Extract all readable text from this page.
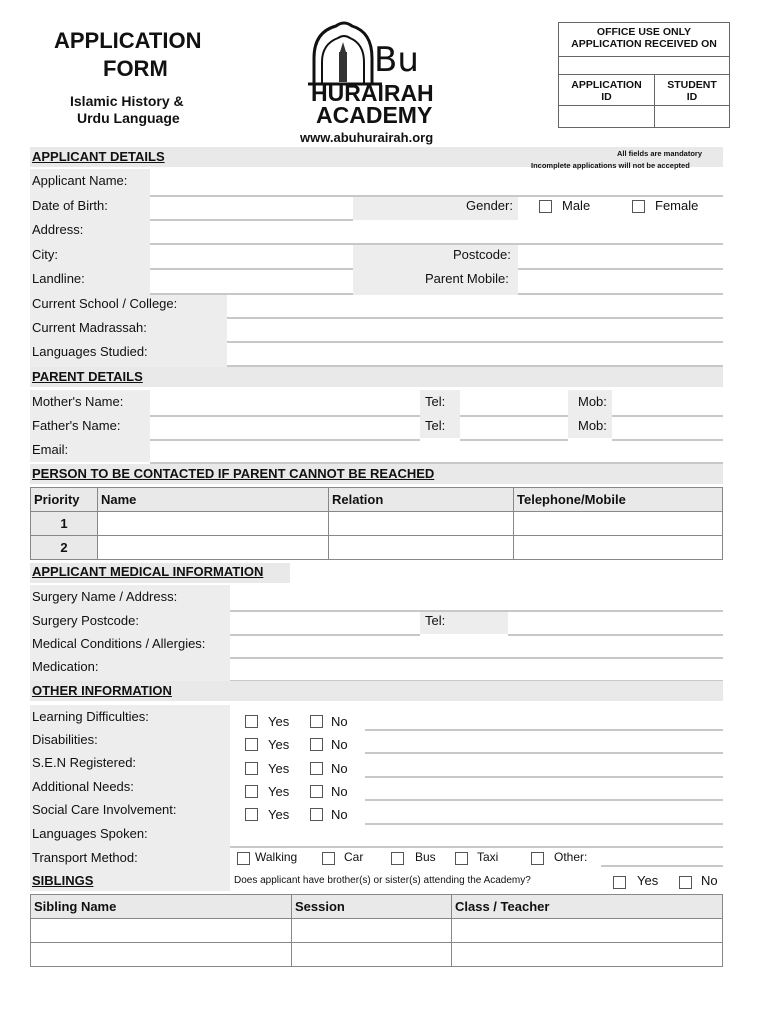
APPLICATION
FORM
Islamic History &
Urdu Language
Bu
HURAIRAH
ACADEMY
www.abuhurairah.org
OFFICE USE ONLY
APPLICATION RECEIVED ON
APPLICATION
ID
STUDENT
ID
APPLICANT DETAILS	All fields are mandatory
Incomplete applications will not be accepted
Applicant Name:
Date of Birth:	Gender:	Male	Female
Address:
City:	Postcode:
Landline:	Parent Mobile:
Current School / College:
Current Madrassah:
Languages Studied:
PARENT DETAILS
Mother's Name:	Tel:	Mob:
Father's Name:	Tel:	Mob:
Email:
PERSON TO BE CONTACTED IF PARENT CANNOT BE REACHED
Priority	Name	Relation	Telephone/Mobile
1			
2			
APPLICANT MEDICAL INFORMATION
Surgery Name / Address:
Surgery Postcode:	Tel:
Medical Conditions / Allergies:
Medication:
OTHER INFORMATION
Learning Difficulties:	Yes	No
Disabilities:	Yes	No
S.E.N Registered:	Yes	No
Additional Needs:	Yes	No
Social Care Involvement:	Yes	No
Languages Spoken:
Transport Method:	Walking	Car	Bus	Taxi	Other:
SIBLINGS	Does applicant have brother(s) or sister(s) attending the Academy?	Yes	No
Sibling Name	Session	Class / Teacher
